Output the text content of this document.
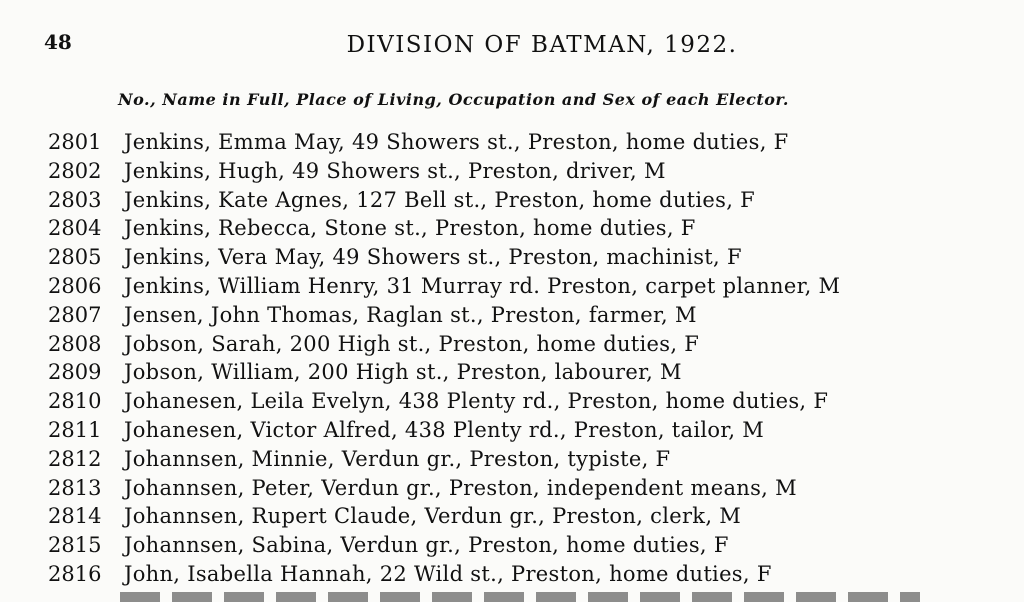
48	DIVISION OF BATMAN, 1922.
No., Name in Full, Place of Living, Occupation and Sex of each Elector.
2801	Jenkins, Emma May, 49 Showers st., Preston, home duties, F
2802	Jenkins, Hugh, 49 Showers st., Preston, driver, M
2803	Jenkins, Kate Agnes, 127 Bell st., Preston, home duties, F
2804	Jenkins, Rebecca, Stone st., Preston, home duties, F
2805	Jenkins, Vera May, 49 Showers st., Preston, machinist, F
2806	Jenkins, William Henry, 31 Murray rd. Preston, carpet planner, M
2807	Jensen, John Thomas, Raglan st., Preston, farmer, M
2808	Jobson, Sarah, 200 High st., Preston, home duties, F
2809	Jobson, William, 200 High st., Preston, labourer, M
2810	Johanesen, Leila Evelyn, 438 Plenty rd., Preston, home duties, F
2811	Johanesen, Victor Alfred, 438 Plenty rd., Preston, tailor, M
2812	Johannsen, Minnie, Verdun gr., Preston, typiste, F
2813	Johannsen, Peter, Verdun gr., Preston, independent means, M
2814	Johannsen, Rupert Claude, Verdun gr., Preston, clerk, M
2815	Johannsen, Sabina, Verdun gr., Preston, home duties, F
2816	John, Isabella Hannah, 22 Wild st., Preston, home duties, F
